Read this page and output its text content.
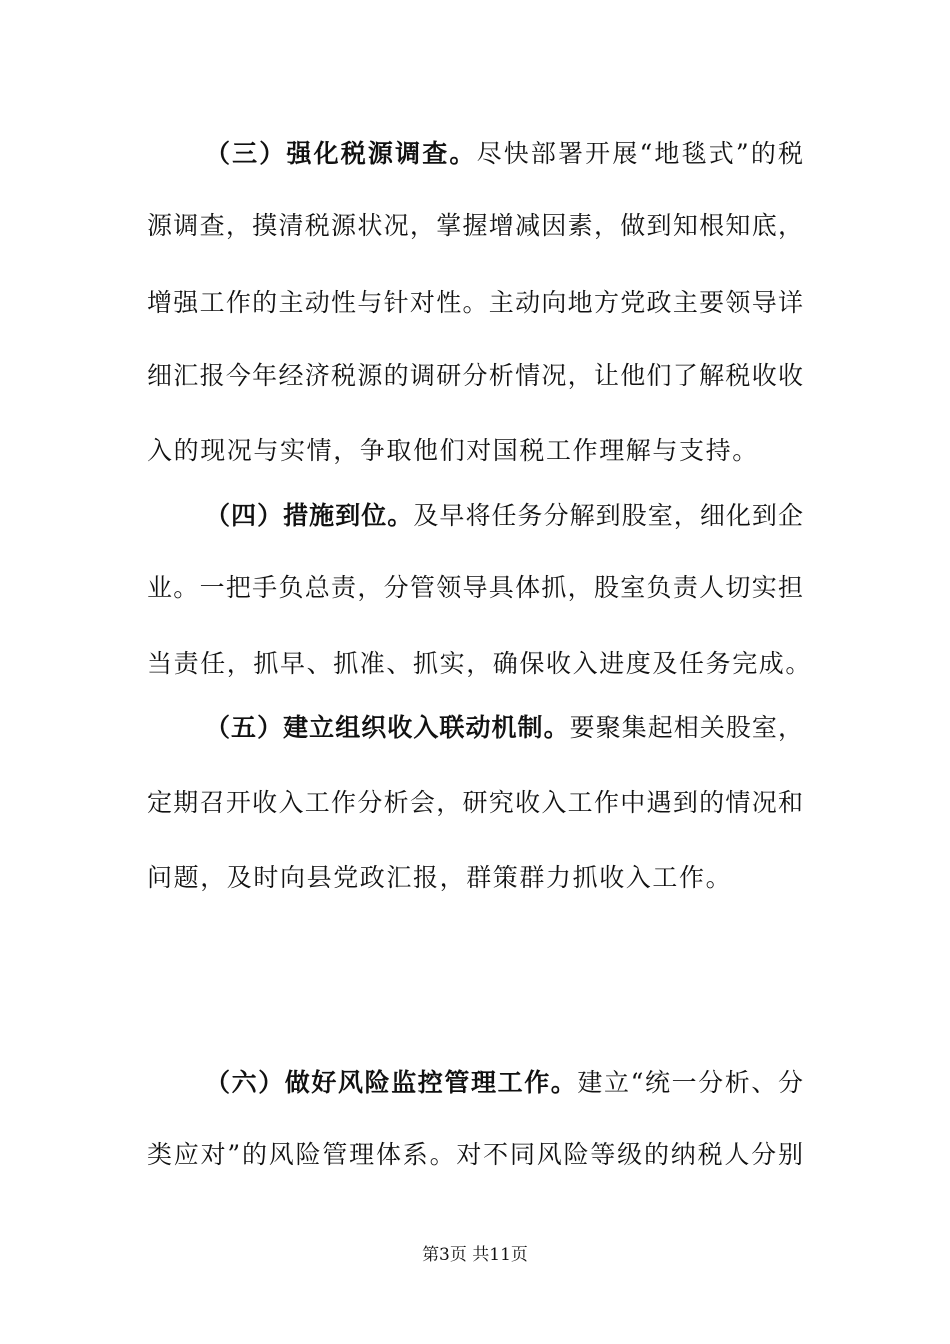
（三）强化税源调查。尽快部署开展“地毯式”的税
源调查，摸清税源状况，掌握增减因素，做到知根知底，
增强工作的主动性与针对性。主动向地方党政主要领导详
细汇报今年经济税源的调研分析情况，让他们了解税收收
入的现况与实情，争取他们对国税工作理解与支持。
（四）措施到位。及早将任务分解到股室，细化到企
业。一把手负总责，分管领导具体抓，股室负责人切实担
当责任，抓早、抓准、抓实，确保收入进度及任务完成。
（五）建立组织收入联动机制。要聚集起相关股室，
定期召开收入工作分析会，研究收入工作中遇到的情况和
问题，及时向县党政汇报，群策群力抓收入工作。
（六）做好风险监控管理工作。建立“统一分析、分
类应对”的风险管理体系。对不同风险等级的纳税人分别
第3页 共11页
